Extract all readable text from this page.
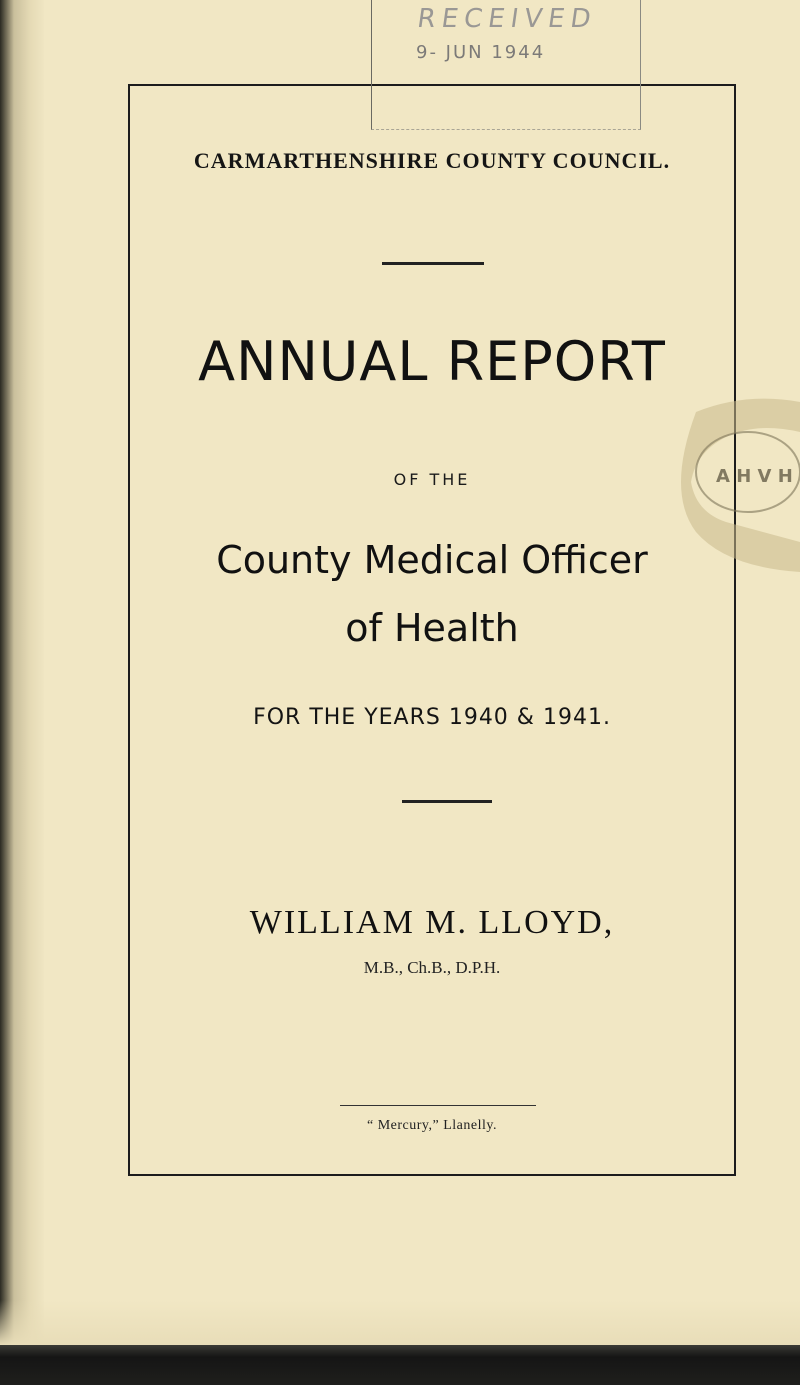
RECEIVED
9- JUN 1944
CARMARTHENSHIRE COUNTY COUNCIL.
ANNUAL REPORT
OF THE	A H V H
County Medical Officer
of Health
FOR THE YEARS 1940 & 1941.
WILLIAM M. LLOYD,
M.B., Ch.B., D.P.H.
“ Mercury,” Llanelly.
